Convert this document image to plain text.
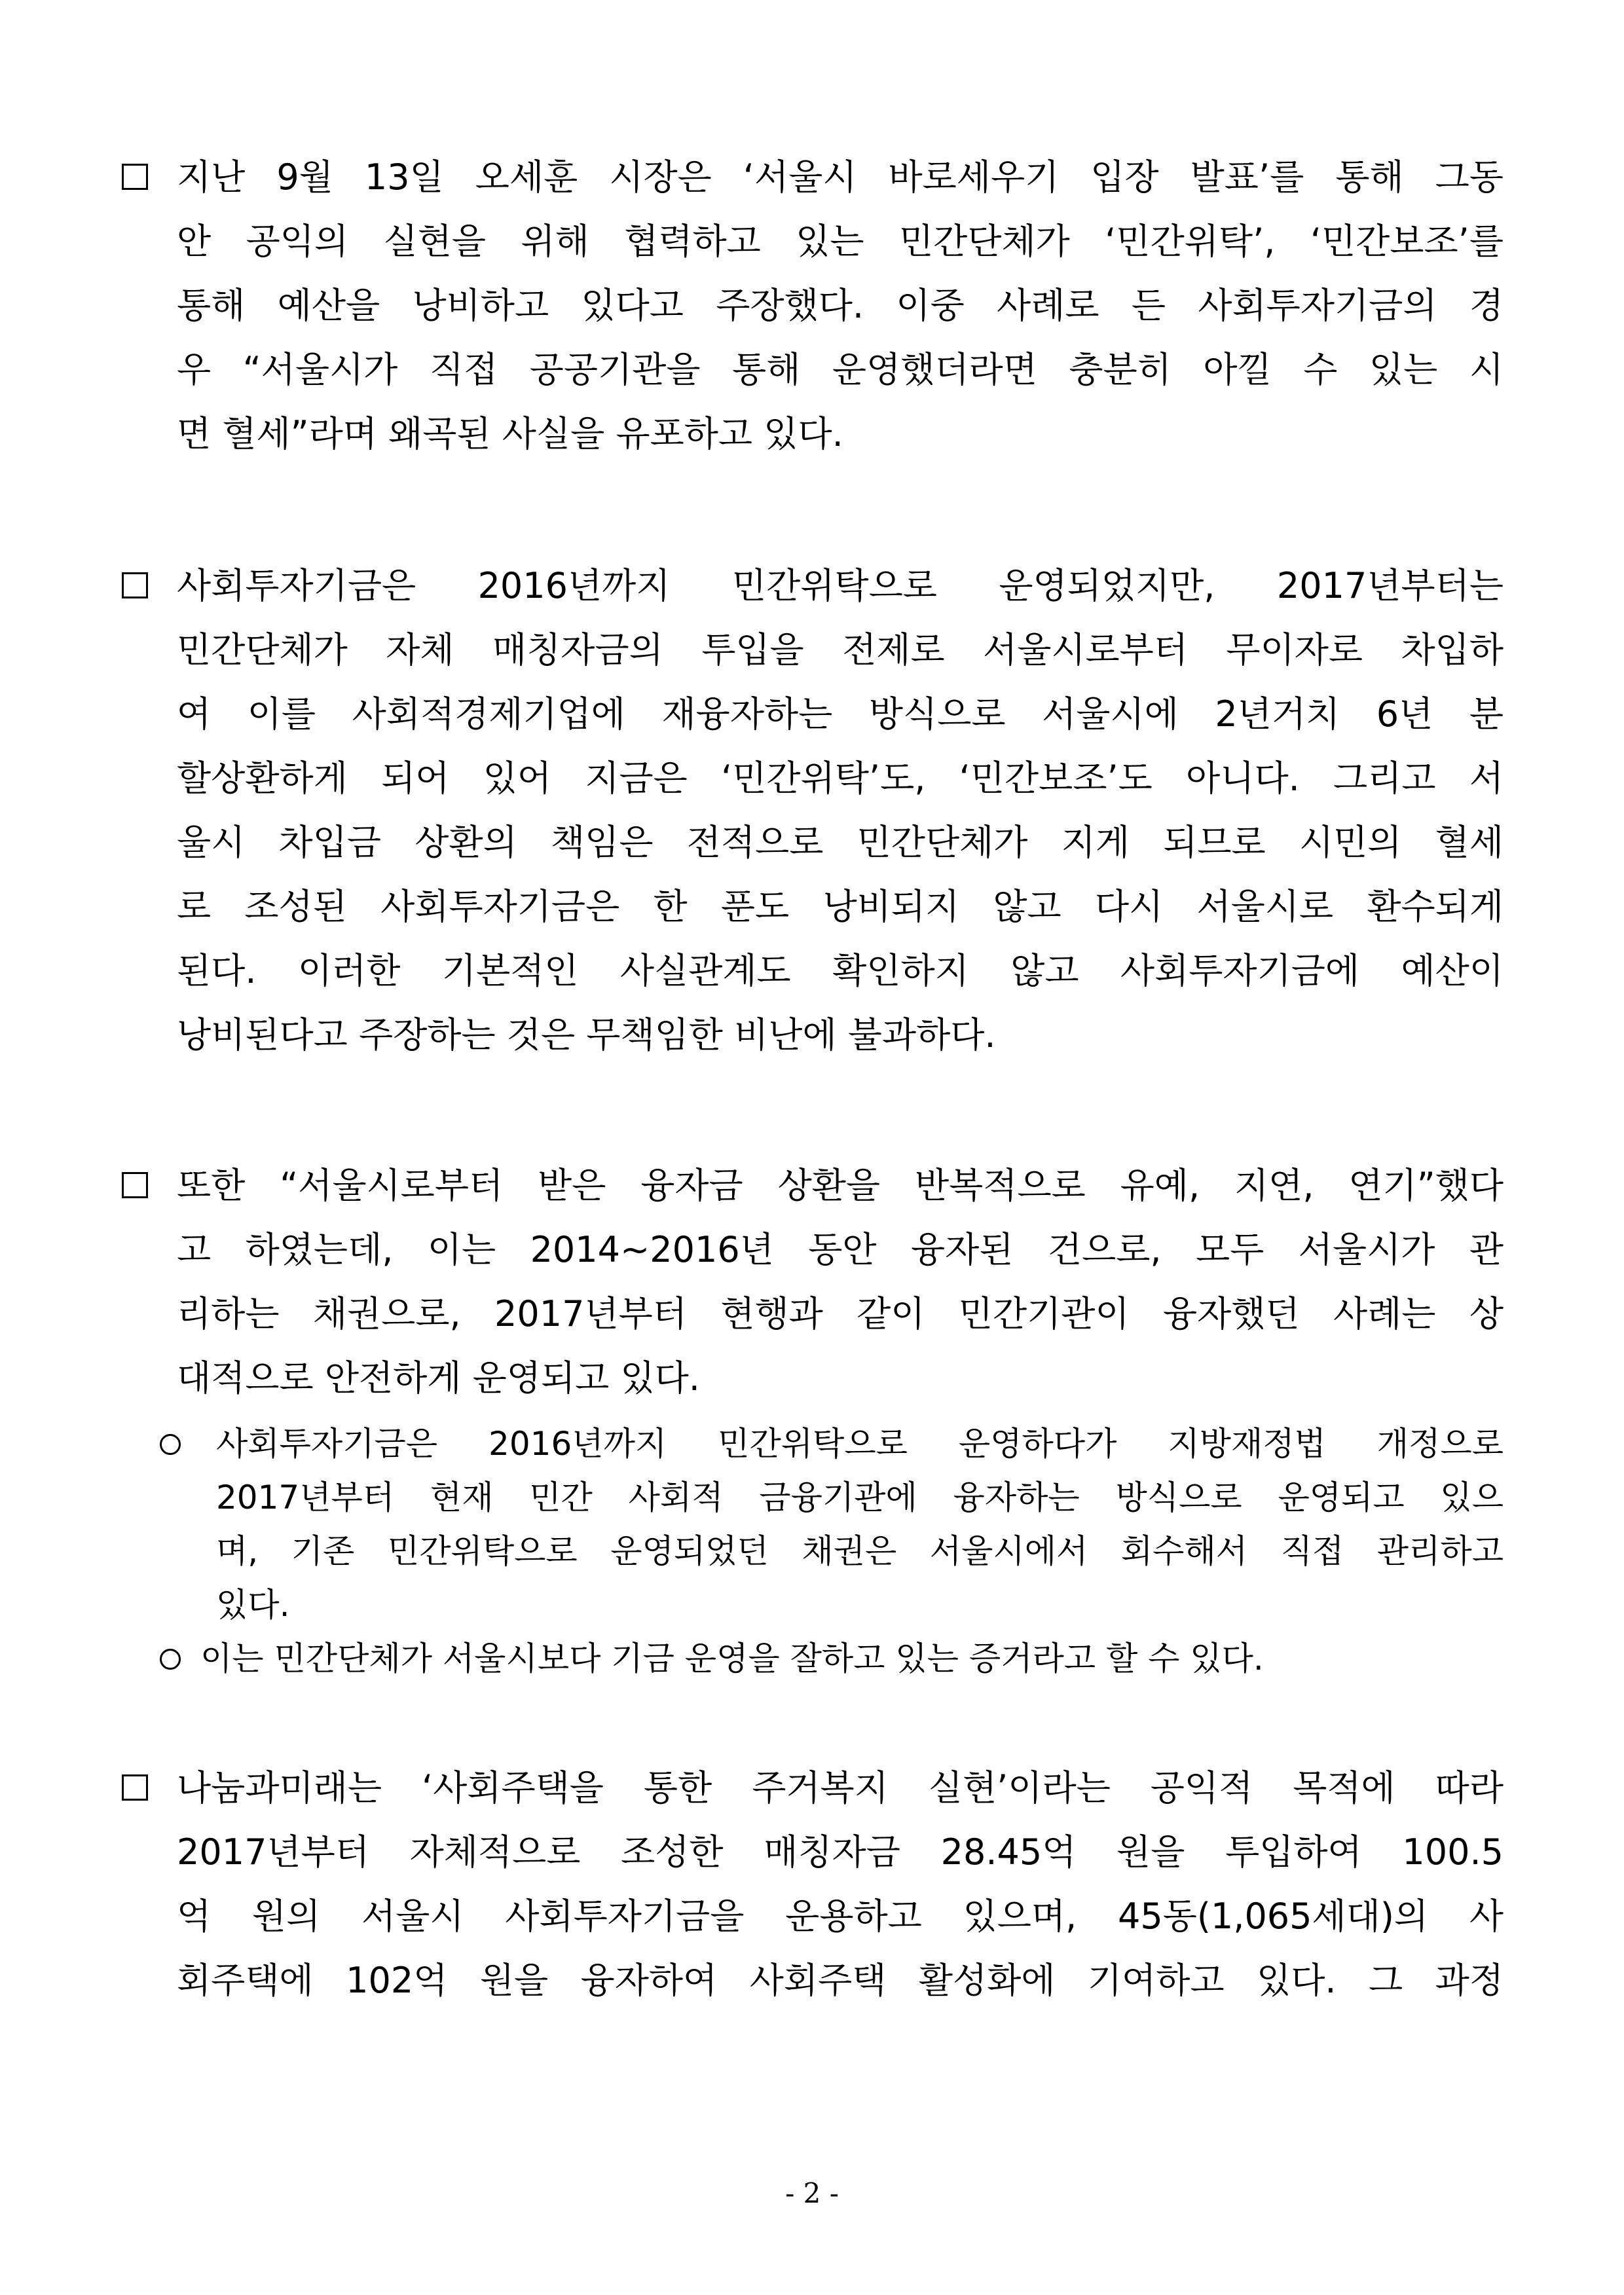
지난 9월 13일 오세훈 시장은 ‘서울시 바로세우기 입장 발표’를 통해 그동
안 공익의 실현을 위해 협력하고 있는 민간단체가 ‘민간위탁’, ‘민간보조’를
통해 예산을 낭비하고 있다고 주장했다. 이중 사례로 든 사회투자기금의 경
우 “서울시가 직접 공공기관을 통해 운영했더라면 충분히 아낄 수 있는 시
면 혈세”라며 왜곡된 사실을 유포하고 있다.
사회투자기금은 2016년까지 민간위탁으로 운영되었지만, 2017년부터는
민간단체가 자체 매칭자금의 투입을 전제로 서울시로부터 무이자로 차입하
여 이를 사회적경제기업에 재융자하는 방식으로 서울시에 2년거치 6년 분
할상환하게 되어 있어 지금은 ‘민간위탁’도, ‘민간보조’도 아니다. 그리고 서
울시 차입금 상환의 책임은 전적으로 민간단체가 지게 되므로 시민의 혈세
로 조성된 사회투자기금은 한 푼도 낭비되지 않고 다시 서울시로 환수되게
된다. 이러한 기본적인 사실관계도 확인하지 않고 사회투자기금에 예산이
낭비된다고 주장하는 것은 무책임한 비난에 불과하다.
또한 “서울시로부터 받은 융자금 상환을 반복적으로 유예, 지연, 연기”했다
고 하였는데, 이는 2014~2016년 동안 융자된 건으로, 모두 서울시가 관
리하는 채권으로, 2017년부터 현행과 같이 민간기관이 융자했던 사례는 상
대적으로 안전하게 운영되고 있다.
사회투자기금은 2016년까지 민간위탁으로 운영하다가 지방재정법 개정으로
2017년부터 현재 민간 사회적 금융기관에 융자하는 방식으로 운영되고 있으
며, 기존 민간위탁으로 운영되었던 채권은 서울시에서 회수해서 직접 관리하고
있다.
이는 민간단체가 서울시보다 기금 운영을 잘하고 있는 증거라고 할 수 있다.
나눔과미래는 ‘사회주택을 통한 주거복지 실현’이라는 공익적 목적에 따라
2017년부터 자체적으로 조성한 매칭자금 28.45억 원을 투입하여 100.5
억 원의 서울시 사회투자기금을 운용하고 있으며, 45동(1,065세대)의 사
회주택에 102억 원을 융자하여 사회주택 활성화에 기여하고 있다. 그 과정
- 2 -
